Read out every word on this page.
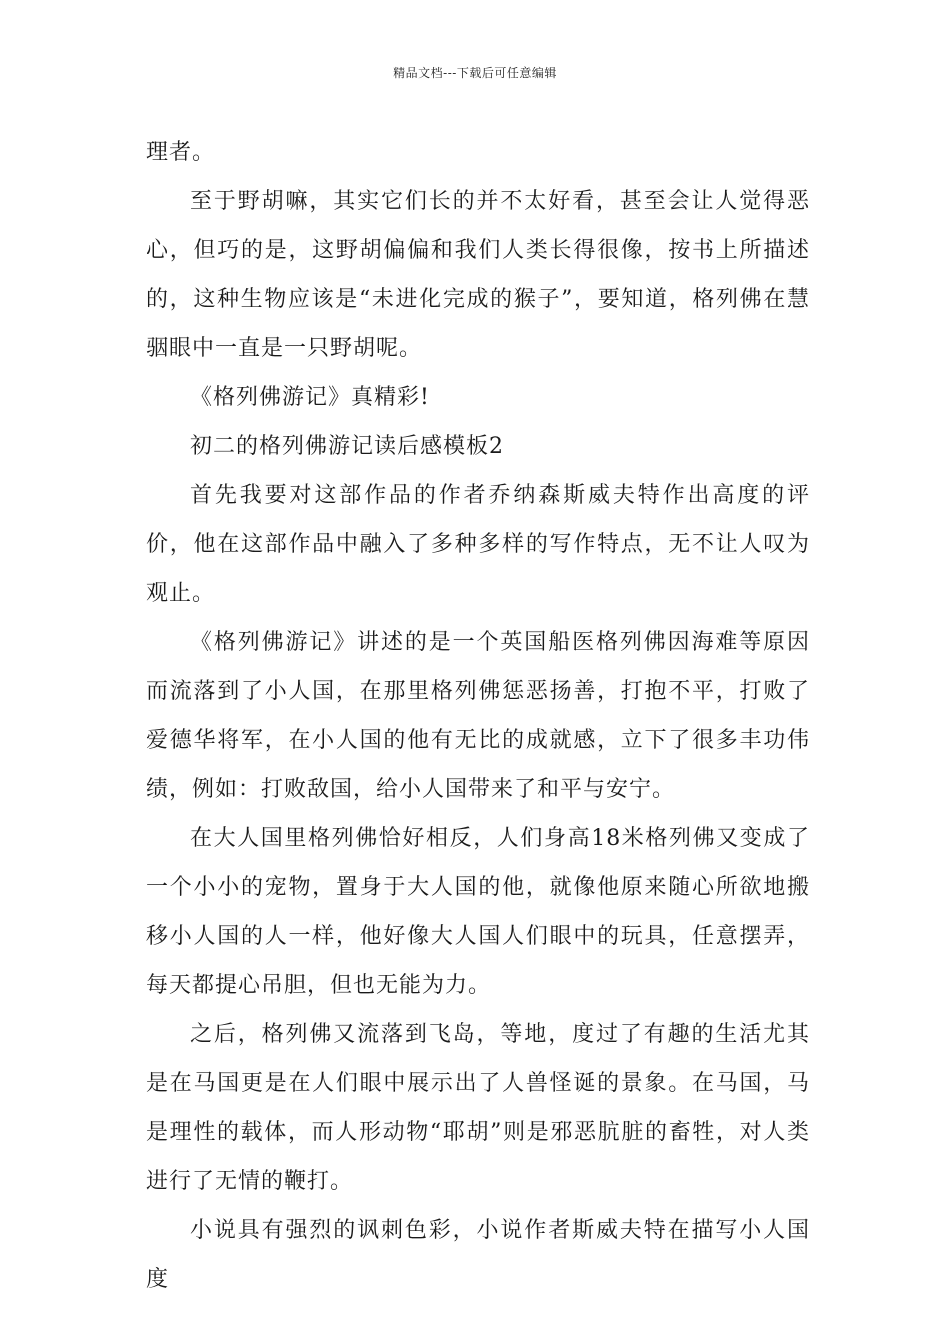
精品文档---下载后可任意编辑

理者。

至于野胡嘛，其实它们长的并不太好看，甚至会让人觉得恶心，但巧的是，这野胡偏偏和我们人类长得很像，按书上所描述的，这种生物应该是“未进化完成的猴子”，要知道，格列佛在慧骃眼中一直是一只野胡呢。

《格列佛游记》真精彩!

初二的格列佛游记读后感模板2

首先我要对这部作品的作者乔纳森斯威夫特作出高度的评价，他在这部作品中融入了多种多样的写作特点，无不让人叹为观止。

《格列佛游记》讲述的是一个英国船医格列佛因海难等原因而流落到了小人国，在那里格列佛惩恶扬善，打抱不平，打败了爱德华将军，在小人国的他有无比的成就感，立下了很多丰功伟绩，例如：打败敌国，给小人国带来了和平与安宁。

在大人国里格列佛恰好相反，人们身高18米格列佛又变成了一个小小的宠物，置身于大人国的他，就像他原来随心所欲地搬移小人国的人一样，他好像大人国人们眼中的玩具，任意摆弄，每天都提心吊胆，但也无能为力。

之后，格列佛又流落到飞岛，等地，度过了有趣的生活尤其是在马国更是在人们眼中展示出了人兽怪诞的景象。在马国，马是理性的载体，而人形动物“耶胡”则是邪恶肮脏的畜牲，对人类进行了无情的鞭打。

小说具有强烈的讽刺色彩，小说作者斯威夫特在描写小人国度
